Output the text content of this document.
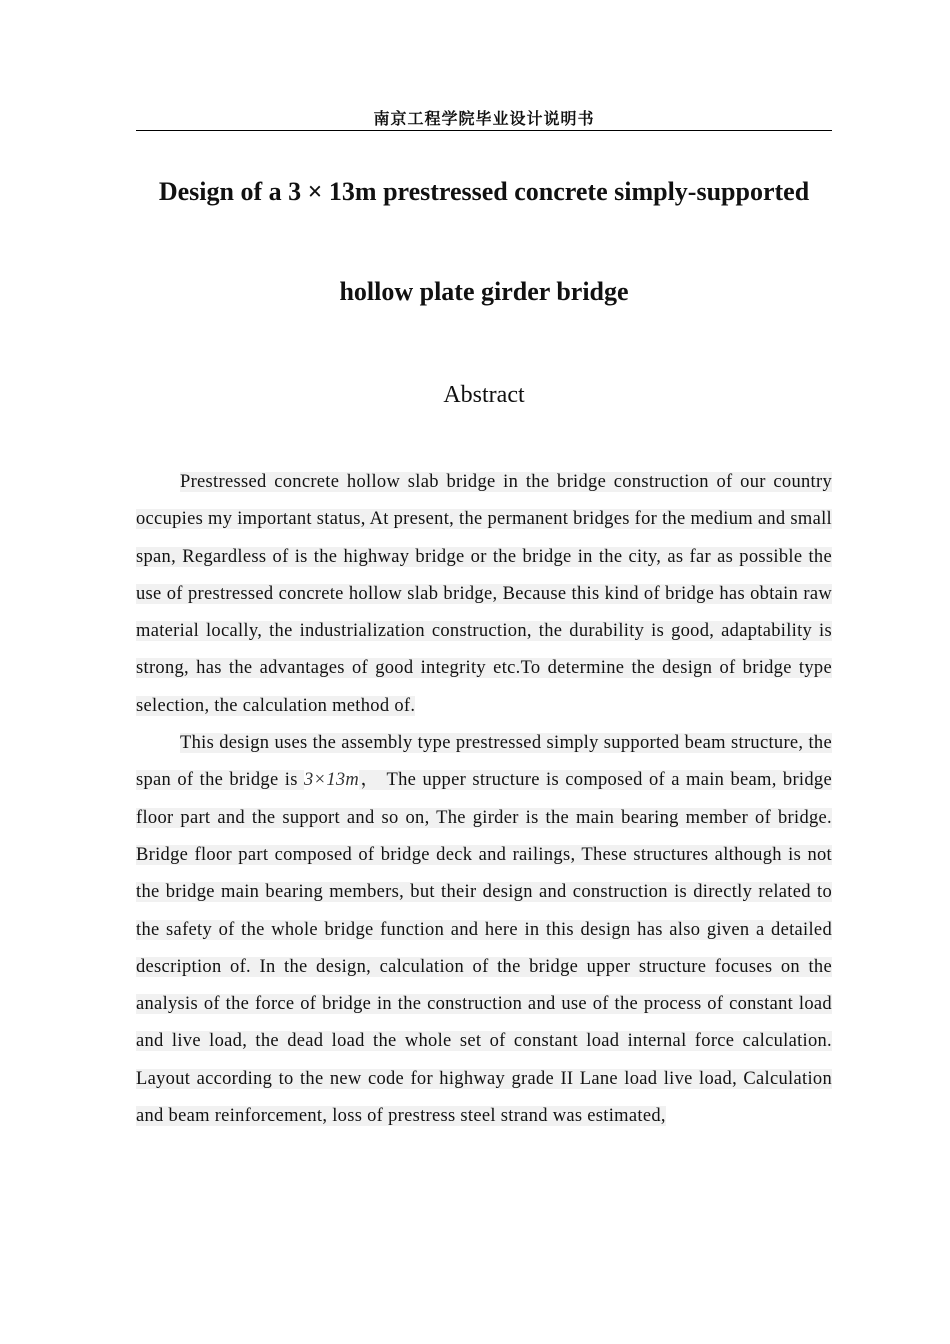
南京工程学院毕业设计说明书
Design of a 3 × 13m prestressed concrete simply-supported
hollow plate girder bridge
Abstract

Prestressed concrete hollow slab bridge in the bridge construction of our country occupies my important status, At present, the permanent bridges for the medium and small span, Regardless of is the highway bridge or the bridge in the city, as far as possible the use of prestressed concrete hollow slab bridge, Because this kind of bridge has obtain raw material locally, the industrialization construction, the durability is good, adaptability is strong, has the advantages of good integrity etc.To determine the design of bridge type selection, the calculation method of.

This design uses the assembly type prestressed simply supported beam structure, the span of the bridge is 3×13m， The upper structure is composed of a main beam, bridge floor part and the support and so on, The girder is the main bearing member of bridge. Bridge floor part composed of bridge deck and railings, These structures although is not the bridge main bearing members, but their design and construction is directly related to the safety of the whole bridge function and here in this design has also given a detailed description of. In the design, calculation of the bridge upper structure focuses on the analysis of the force of bridge in the construction and use of the process of constant load and live load, the dead load the whole set of constant load internal force calculation. Layout according to the new code for highway grade II Lane load live load, Calculation and beam reinforcement, loss of prestress steel strand was estimated,
